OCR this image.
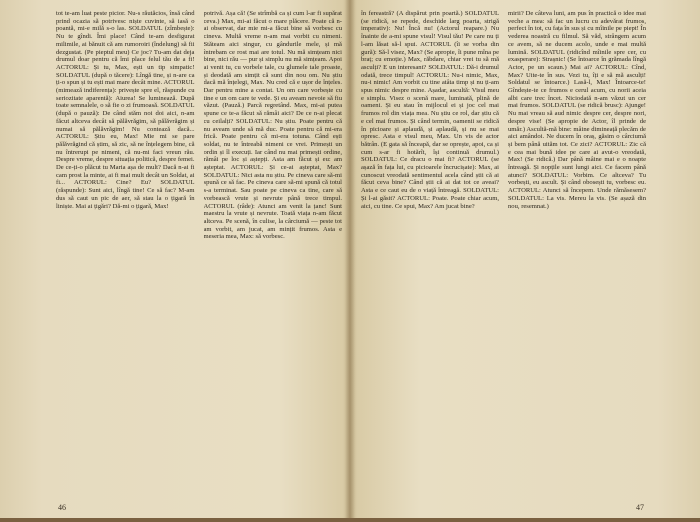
tot te-am luat peste picior. Nu-s răutăcios, însă când prind ocazia să potrivesc niște cuvinte, să iasă o poantă, mi-e milă s-o las. SOLDATUL (zîmbește): Nu te gîndi. Îmi place! Când te-am desfigurat milimile, ai bănuit că am rumoroiri (îndelung) să fii dezgustat. (Pe pieptul meu) Ce joc? Tu-am dat deja drumul doar pentru că îmi place felul tău de a fi! ACTORUL: Și tu, Max, ești un tip simpatic! SOLDATUL (după o tăcere): Lîngă tine, și n-are ca ți-o spun și tu ești mai mare decât mine. ACTORUL (mimează indiferența): privește spre el, răspunde cu seriozitate aparentă): Aiurea! Se luminează. După toate semnalele, o să fie o zi frumoasă. SOLDATUL (după o pauză): De când stăm noi doi aici, n-am făcut altceva decât să pălăvrăgim, să pălăvrăgim și numai să pălăvrăgim! Nu contează dacă... ACTORUL: Știu eu, Max! Mie mi se pare pălăvrăgind că știm, să zic, să ne înțelegem bine, că nu întrerupi pe nimeni, că nu-mi faci vreun rău. Despre vreme, despre situația politică, despre femei. De ce-ți-o plăcut tu Maria așa de mult? Dacă n-ai fi cam prost la minte, ai fi mai mult decât un Soldat, ai fi... ACTORUL: Cine? Eu? SOLDATUL (răspunde): Sunt aici, lîngă tine! Ce să fac? M-am dus să caut un pic de aer, să stau la o țigară în liniște. Mai ai țigări? Dă-mi o țigară, Max!

potrivă. Așa că! (Se strîmbă ca și cum l-ar fi supărat ceva.) Max, mi-ai făcut o mare plăcere. Poate că n-ai observat, dar mie mi-a făcut bine să vorbesc cu cineva. Multă vreme n-am mai vorbit cu nimeni. Stăteam aici singur, cu gândurile mele, și mă întrebam ce rost mai are totul. Nu mă simțeam nici bine, nici rău — pur și simplu nu mă simțeam. Apoi ai venit tu, cu vorbele tale, cu glumele tale proaste, și deodată am simțit că sunt din nou om. Nu știu dacă mă înțelegi, Max. Nu cred că e ușor de înțeles. Dar pentru mine a contat. Un om care vorbește cu tine e un om care te vede. Și eu aveam nevoie să fiu văzut. (Pauză.) Parcă regretând. Max, mi-ai putea spune ce te-a făcut să rămâi aici? De ce n-ai plecat cu ceilalți? SOLDATUL: Nu știu. Poate pentru că nu aveam unde să mă duc. Poate pentru că mi-era frică. Poate pentru că mi-era totuna. Când ești soldat, nu te întreabă nimeni ce vrei. Primești un ordin și îl execuți. Iar când nu mai primești ordine, rămâi pe loc și aștepți. Asta am făcut și eu: am așteptat. ACTORUL: Și ce-ai așteptat, Max? SOLDATUL: Nici asta nu știu. Pe cineva care să-mi spună ce să fac. Pe cineva care să-mi spună că totul s-a terminat. Sau poate pe cineva ca tine, care să vorbească vrute și nevrute până trece timpul. ACTORUL (râde): Atunci am venit la țanc! Sunt maestru la vrute și nevrute. Toată viața n-am făcut altceva. Pe scenă, în culise, la cârciumă — peste tot am vorbit, am jucat, am mințit frumos. Asta e meseria mea, Max: să vorbesc.

46

în fereastră? (A dispărut prin poartă.) SOLDATUL (se ridică, se repede, deschide larg poarta, strigă imperativ): Nu! Încă nu! (Actorul reapare.) Nu înainte de a-mi spune visul! Visul tău! Pe care nu ți l-am lăsat să-l spui. ACTORUL (îi se vorba din gură): Să-l visez, Max? (Se apropie, îi pune mîna pe braț; cu emoție.) Max, răbdare, chiar vrei tu să mă asculți? E un interesant? SOLDATUL: Dă-i drumul odată, trece timpul! ACTORUL: Nu-i nimic, Max, nu-i nimic! Am vorbit cu tine atâta timp și nu ți-am spus nimic despre mine. Așadar, ascultă: Visul meu e simplu. Visez o scenă mare, luminată, plină de oameni. Și eu stau în mijlocul ei și joc cel mai frumos rol din viața mea. Nu știu ce rol, dar știu că e cel mai frumos. Și când termin, oamenii se ridică în picioare și aplaudă, și aplaudă, și nu se mai opresc. Asta e visul meu, Max. Un vis de actor bătrân. (E gata să înceapă, dar se oprește, apoi, ca și cum s-ar fi hotărît, își continuă drumul.) SOLDATUL: Ce dracu o mai fi? ACTORUL (se așază în fața lui, cu picioarele încrucișate): Max, ai cunoscut vreodată sentimentul acela când știi că ai făcut ceva bine? Când știi că ai dat tot ce aveai? Asta e ce caut eu de o viață întreagă. SOLDATUL: Și l-ai găsit? ACTORUL: Poate. Poate chiar acum, aici, cu tine. Ce spui, Max? Am jucat bine?

mirii? De câteva luni, am pus în practică o idee mai veche a mea: să fac un lucru cu adevărat frumos, perfect în tot, cu fața în sus și cu mîinile pe piept! În vederea noastră cu filmul. Să văd, strângem acum ce avem, să ne ducem acolo, unde e mai multă lumină. SOLDATUL (ridicînd mîinile spre cer, cu exasperare): Strașnic! (Se întoarce în grămada lîngă Actor, pe un scaun.) Mai ai? ACTORUL: Cînd, Max? Uite-te în sus. Vezi tu, îți e să mă asculți! Soldatul se întoarce.) Lasă-l, Max! Întoarce-te! Gîndește-te ce frumos e cerul acum, cu norii aceia albi care trec încet. Niciodată n-am văzut un cer mai frumos. SOLDATUL (se ridică brusc): Ajunge! Nu mai vreau să aud nimic despre cer, despre nori, despre vise! (Se apropie de Actor, îl prinde de umăr.) Ascultă-mă bine: mâine dimineață plecăm de aici amândoi. Ne ducem în oraș, găsim o cârciumă și bem până uităm tot. Ce zici? ACTORUL: Zic că e cea mai bună idee pe care ai avut-o vreodată, Max! (Se ridică.) Dar până mâine mai e o noapte întreagă. Și nopțile sunt lungi aici. Ce facem până atunci? SOLDATUL: Vorbim. Ce altceva? Tu vorbești, eu ascult. Și când obosești tu, vorbesc eu. ACTORUL: Atunci să începem. Unde rămăsesem? SOLDATUL: La vis. Mereu la vis. (Se așază din nou, resemnat.)

47
